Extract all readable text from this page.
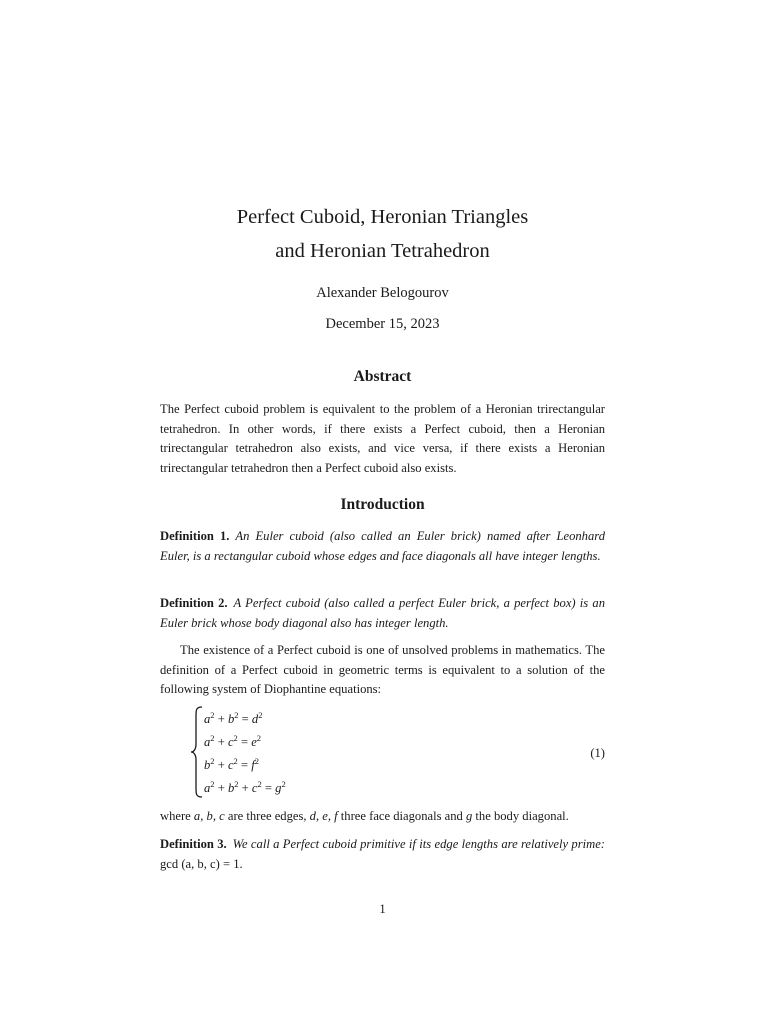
Perfect Cuboid, Heronian Triangles
and Heronian Tetrahedron
Alexander Belogourov
December 15, 2023
Abstract
The Perfect cuboid problem is equivalent to the problem of a Heronian trirectangular tetrahedron. In other words, if there exists a Perfect cuboid, then a Heronian trirectangular tetrahedron also exists, and vice versa, if there exists a Heronian trirectangular tetrahedron then a Perfect cuboid also exists.
Introduction
Definition 1. An Euler cuboid (also called an Euler brick) named after Leonhard Euler, is a rectangular cuboid whose edges and face diagonals all have integer lengths.
Definition 2. A Perfect cuboid (also called a perfect Euler brick, a perfect box) is an Euler brick whose body diagonal also has integer length.
The existence of a Perfect cuboid is one of unsolved problems in mathematics. The definition of a Perfect cuboid in geometric terms is equivalent to a solution of the following system of Diophantine equations:
$a^2 + b^2 = d^2$
$a^2 + c^2 = e^2$
$b^2 + c^2 = f^2$
$a^2 + b^2 + c^2 = g^2$
(1)
where a, b, c are three edges, d, e, f three face diagonals and g the body diagonal.
Definition 3. We call a Perfect cuboid primitive if its edge lengths are relatively prime: gcd (a, b, c) = 1.
1
